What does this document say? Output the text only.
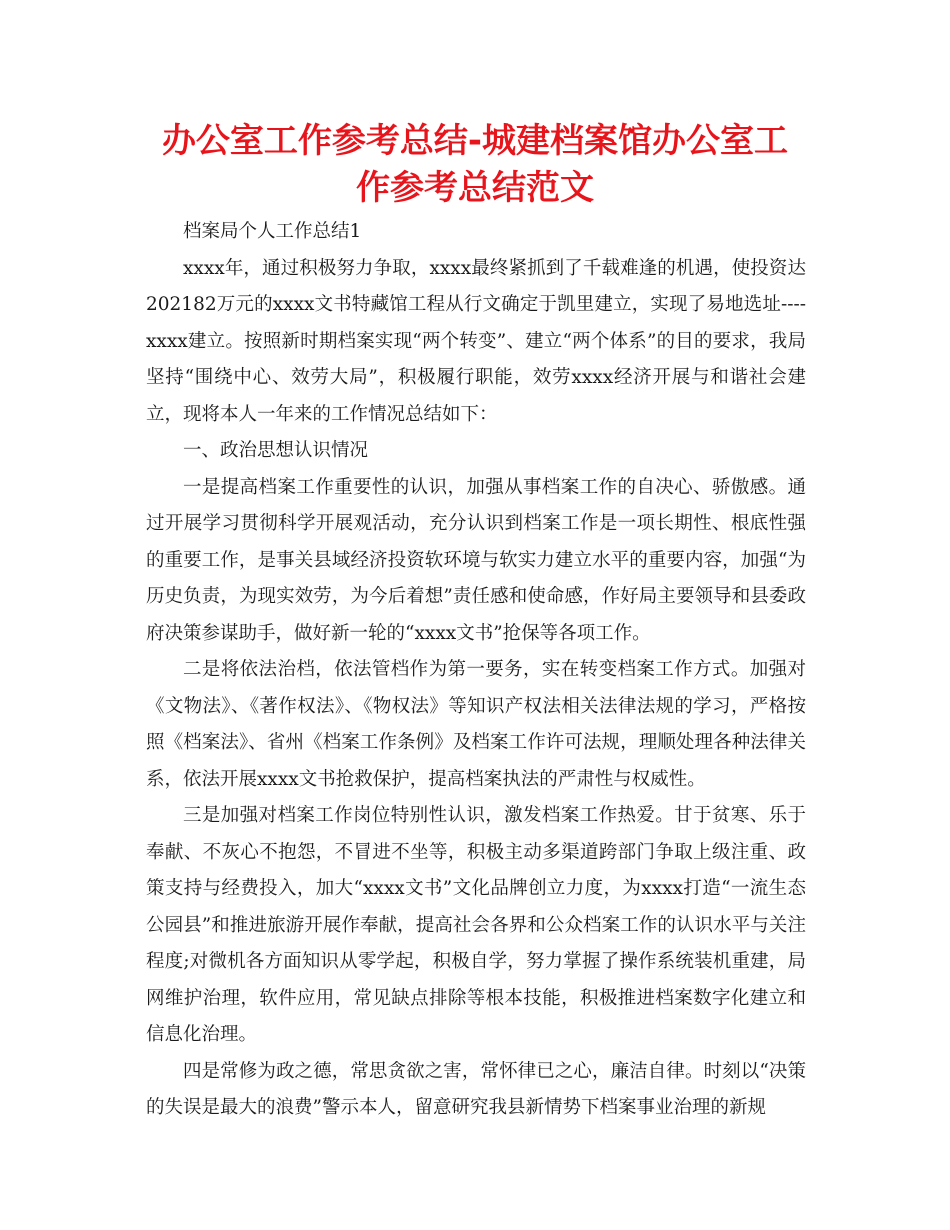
办公室工作参考总结-城建档案馆办公室工作参考总结范文

档案局个人工作总结1

xxxx年，通过积极努力争取，xxxx最终紧抓到了千载难逢的机遇，使投资达202182万元的xxxx文书特藏馆工程从行文确定于凯里建立，实现了易地选址----xxxx建立。按照新时期档案实现“两个转变”、建立“两个体系”的目的要求，我局坚持“围绕中心、效劳大局”，积极履行职能，效劳xxxx经济开展与和谐社会建立，现将本人一年来的工作情况总结如下：

一、政治思想认识情况

一是提高档案工作重要性的认识，加强从事档案工作的自决心、骄傲感。通过开展学习贯彻科学开展观活动，充分认识到档案工作是一项长期性、根底性强的重要工作，是事关县域经济投资软环境与软实力建立水平的重要内容，加强“为历史负责，为现实效劳，为今后着想”责任感和使命感，作好局主要领导和县委政府决策参谋助手，做好新一轮的“xxxx文书”抢保等各项工作。

二是将依法治档，依法管档作为第一要务，实在转变档案工作方式。加强对《文物法》、《著作权法》、《物权法》等知识产权法相关法律法规的学习，严格按照《档案法》、省州《档案工作条例》及档案工作许可法规，理顺处理各种法律关系，依法开展xxxx文书抢救保护，提高档案执法的严肃性与权威性。

三是加强对档案工作岗位特别性认识，激发档案工作热爱。甘于贫寒、乐于奉献、不灰心不抱怨，不冒进不坐等，积极主动多渠道跨部门争取上级注重、政策支持与经费投入，加大“xxxx文书”文化品牌创立力度，为xxxx打造“一流生态公园县”和推进旅游开展作奉献，提高社会各界和公众档案工作的认识水平与关注程度;对微机各方面知识从零学起，积极自学，努力掌握了操作系统装机重建，局网维护治理，软件应用，常见缺点排除等根本技能，积极推进档案数字化建立和信息化治理。

四是常修为政之德，常思贪欲之害，常怀律已之心，廉洁自律。时刻以“决策的失误是最大的浪费”警示本人，留意研究我县新情势下档案事业治理的新规
